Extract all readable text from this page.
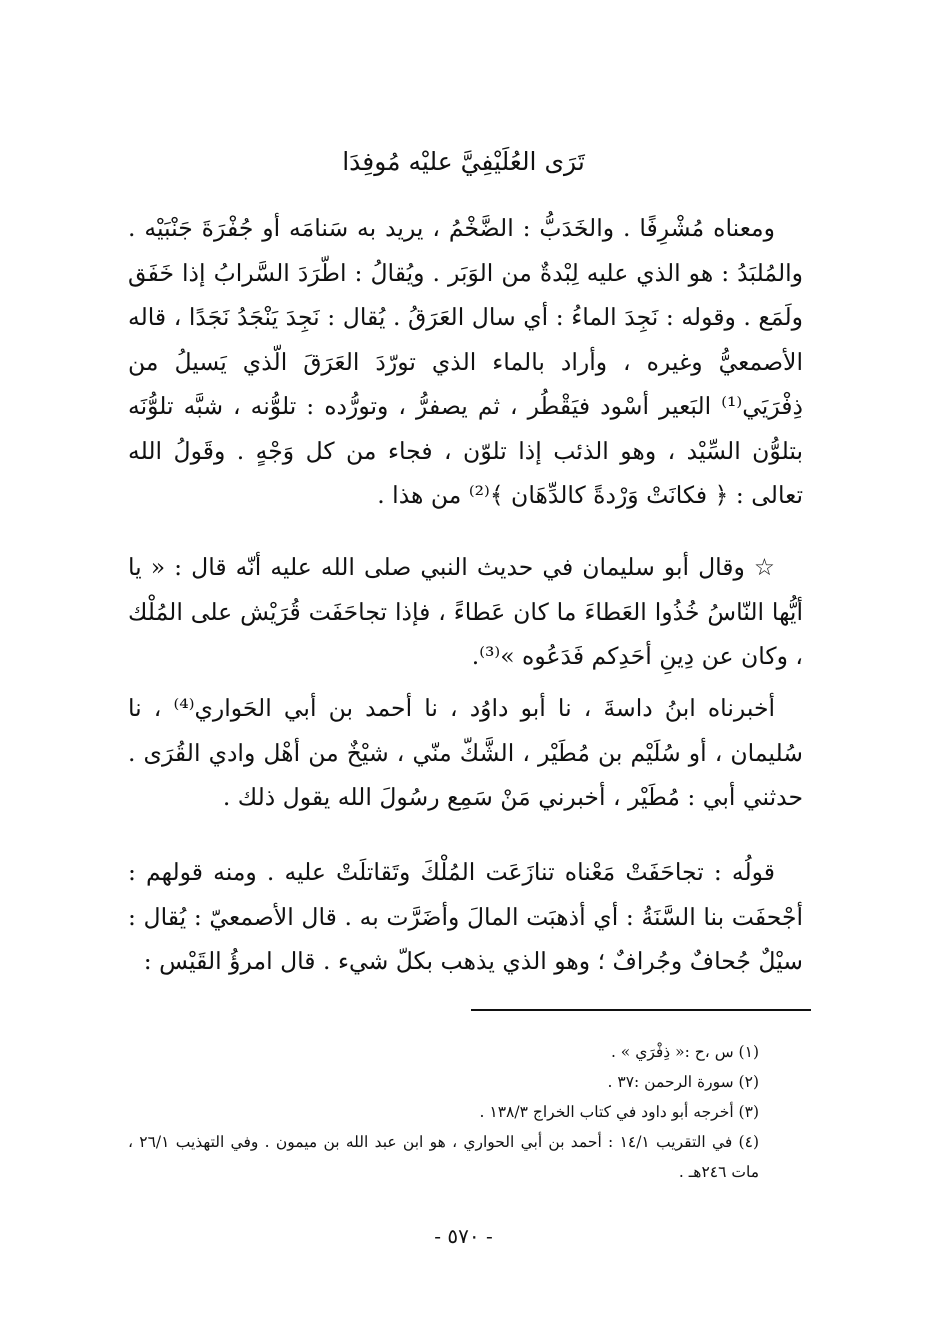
تَرَى العُلَيْفِيَّ عليْه مُوفِدَا

ومعناه مُشْرِفًا . والخَدَبُّ : الضَّخْمُ ، يريد به سَنامَه أو جُفْرَةَ جَنْبَيْه . والمُلبَدُ : هو الذي عليه لِبْدةٌ من الوَبَر . ويُقالُ : اطّرَدَ السَّرابُ إذا خَفَق ولَمَع . وقوله : نَجِدَ الماءُ : أي سال العَرَقُ . يُقال : نَجِدَ يَنْجَدُ نَجَدًا ، قاله الأصمعيُّ وغيره ، وأراد بالماء الذي تورّدَ العَرَقَ الّذي يَسيلُ من ذِفْرَيَي⁽¹⁾ البَعير أسْود فيَقْطُر ، ثم يصفرُّ ، وتورُّده : تلوُّنه ، شبَّه تلوُّنَه بتلوُّن السِّيْد ، وهو الذئب إذا تلوّن ، فجاء من كل وَجْهٍ . وقَولُ الله تعالى : ﴿ فكانَتْ وَرْدةً كالدِّهَان ﴾⁽²⁾ من هذا .

☆ وقال أبو سليمان في حديث النبي صلى الله عليه أنّه قال : « يا أيُّها النّاسُ خُذُوا العَطاءَ ما كان عَطاءً ، فإذا تجاحَفَت قُرَيْش على المُلْك ، وكان عن دِينِ أحَدِكم فَدَعُوه »⁽³⁾.

أخبرناه ابنُ داسةَ ، نا أبو داوُد ، نا أحمد بن أبي الحَواري⁽⁴⁾ ، نا سُليمان ، أو سُلَيْم بن مُطَيْر ، الشَّكّ منّي ، شيْخٌ من أهْل وادي القُرَى . حدثني أبي : مُطَيْر ، أخبرني مَنْ سَمِع رسُولَ الله يقول ذلك .

قولُه : تجاحَفَتْ مَعْناه تنازَعَت المُلْكَ وتَقاتلَتْ عليه . ومنه قولهم : أجْحفَت بنا السَّنَةُ : أي أذهبَت المالَ وأضَرَّت به . قال الأصمعيّ : يُقال : سيْلٌ جُحافٌ وجُرافٌ ؛ وهو الذي يذهب بكلّ شيء . قال امرؤُ القَيْس :

(١) س ،ح :« ذِفْرَي » .

(٢) سورة الرحمن :٣٧ .

(٣) أخرجه أبو داود في كتاب الخراج ١٣٨/٣ .

(٤) في التقريب ١٤/١ : أحمد بن أبي الحواري ، هو ابن عبد الله بن ميمون . وفي التهذيب ٢٦/١ ، مات ٢٤٦هـ .

- ٥٧٠ -
